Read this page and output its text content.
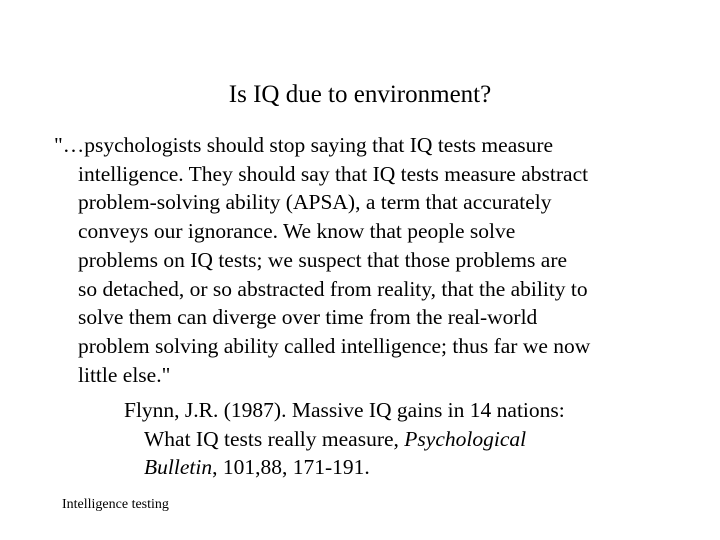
Is IQ due to environment?
"…psychologists should stop saying that IQ tests measure
intelligence. They should say that IQ tests measure abstract
problem-solving ability (APSA), a term that accurately
conveys our ignorance. We know that people solve
problems on IQ tests; we suspect that those problems are
so detached, or so abstracted from reality, that the ability to
solve them can diverge over time from the real-world
problem solving ability called intelligence; thus far we now
little else."
Flynn, J.R. (1987). Massive IQ gains in 14 nations:
What IQ tests really measure, Psychological
Bulletin, 101,88, 171-191.
Intelligence testing
